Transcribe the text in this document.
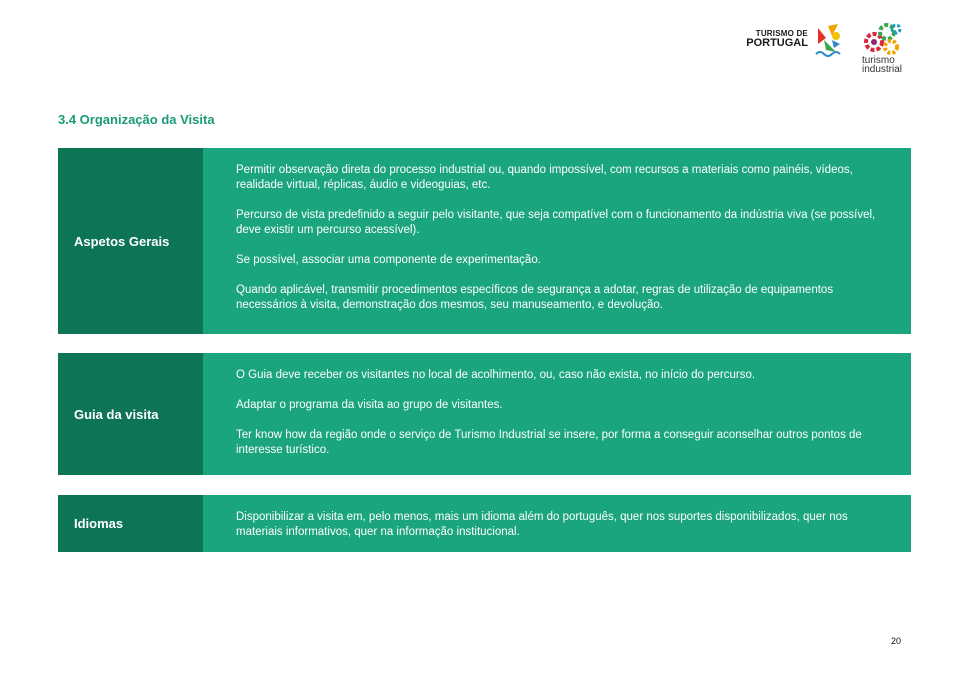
TURISMO DE
PORTUGAL
turismo
industrial
3.4 Organização da Visita
Aspetos Gerais

Permitir observação direta do processo industrial ou, quando impossível, com recursos a materiais como painéis, vídeos, realidade virtual, réplicas, áudio e videoguias, etc.

Percurso de vista predefinido a seguir pelo visitante, que seja compatível com o funcionamento da indústria viva (se possível, deve existir um percurso acessível).

Se possível, associar uma componente de experimentação.

Quando aplicável, transmitir procedimentos específicos de segurança a adotar, regras de utilização de equipamentos necessários à visita, demonstração dos mesmos, seu manuseamento, e devolução.

Guia da visita

O Guia deve receber os visitantes no local de acolhimento, ou, caso não exista, no início do percurso.

Adaptar o programa da visita ao grupo de visitantes.

Ter know how da região onde o serviço de Turismo Industrial se insere, por forma a conseguir aconselhar outros pontos de interesse turístico.

Idiomas	Disponibilizar a visita em, pelo menos, mais um idioma além do português, quer nos suportes disponibilizados, quer nos materiais informativos, quer na informação institucional.

20
